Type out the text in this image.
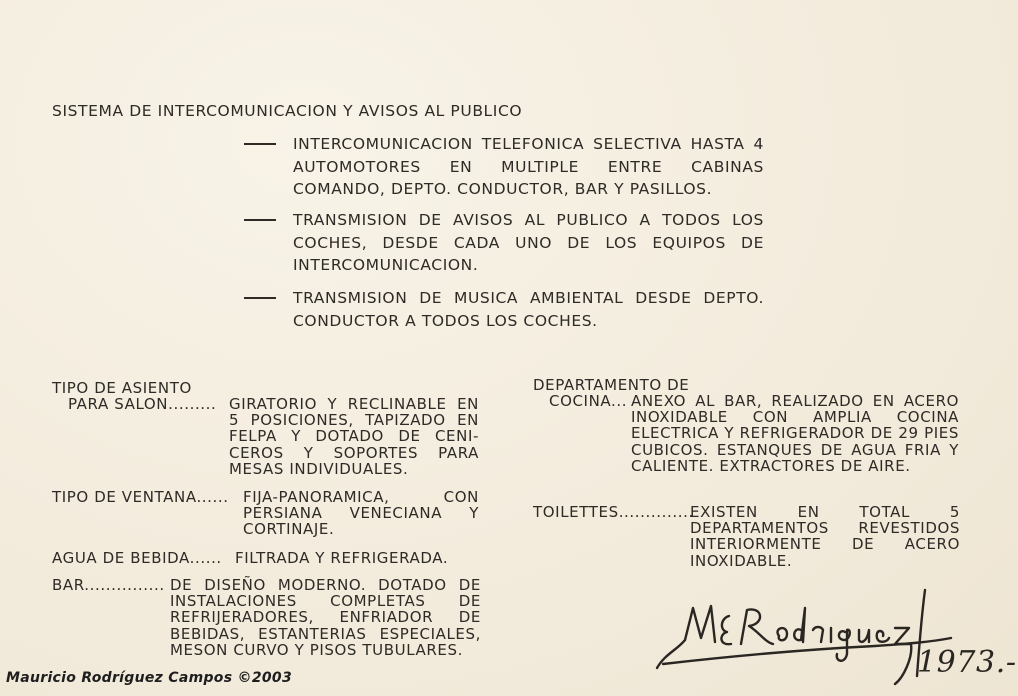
SISTEMA DE INTERCOMUNICACION Y AVISOS AL PUBLICO

INTERCOMUNICACION TELEFONICA SELECTIVA HASTA 4 AUTOMOTORES EN MULTIPLE ENTRE CABINAS COMANDO, DEPTO. CONDUCTOR, BAR Y PASILLOS.
TRANSMISION DE AVISOS AL PUBLICO A TODOS LOS COCHES, DESDE CADA UNO DE LOS EQUIPOS DE INTERCOMUNICACION.
TRANSMISION DE MUSICA AMBIENTAL DESDE DEPTO. CONDUCTOR A TODOS LOS COCHES.
TIPO DE ASIENTO
PARA SALON......... GIRATORIO Y RECLINABLE EN 5 POSICIONES, TAPIZADO EN FELPA Y DOTADO DE CENI-CEROS Y SOPORTES PARA MESAS INDIVIDUALES.
TIPO DE VENTANA...... FIJA-PANORAMICA, CON PERSIANA VENECIANA Y CORTINAJE.
AGUA DE BEBIDA...... FILTRADA Y REFRIGERADA.
BAR............... DE DISEÑO MODERNO. DOTADO DE INSTALACIONES COMPLETAS DE REFRIJERADORES, ENFRIADOR DE BEBIDAS, ESTANTERIAS ESPECIALES, MESON CURVO Y PISOS TUBULARES.
DEPARTAMENTO DE
COCINA... ANEXO AL BAR, REALIZADO EN ACERO INOXIDABLE CON AMPLIA COCINA ELECTRICA Y REFRIGERADOR DE 29 PIES CUBICOS. ESTANQUES DE AGUA FRIA Y CALIENTE. EXTRACTORES DE AIRE.
TOILETTES..............
EXISTEN EN TOTAL 5 DEPARTAMENTOS REVESTIDOS INTERIORMENTE DE ACERO INOXIDABLE.
1973.-
Mauricio Rodríguez Campos ©2003
